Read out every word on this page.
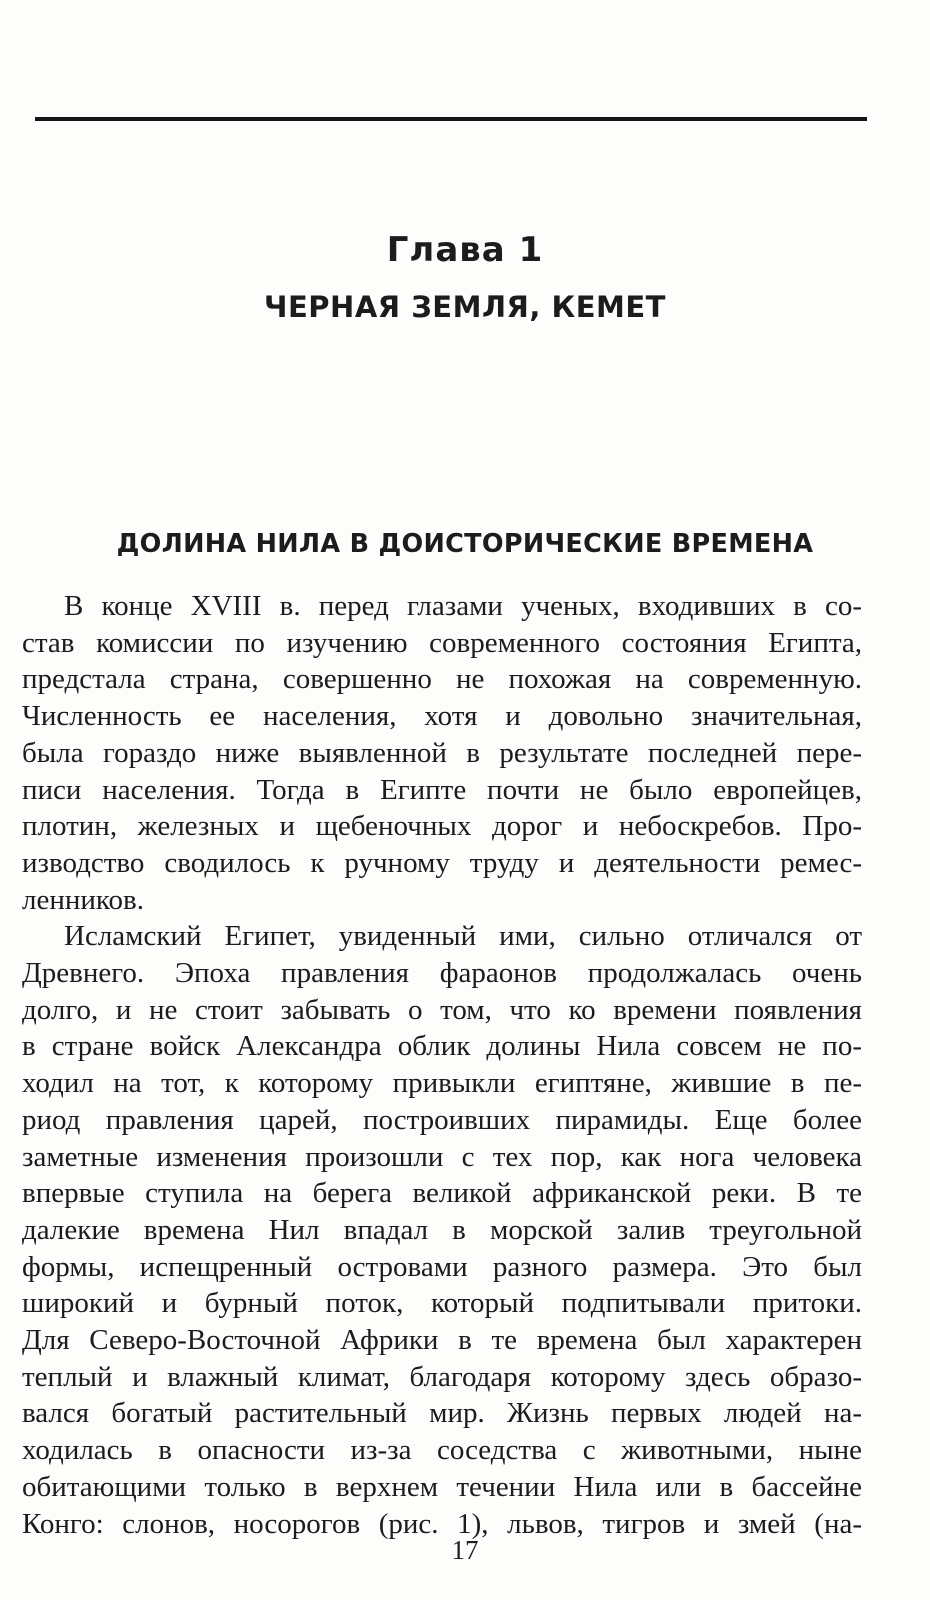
Глава 1
ЧЕРНАЯ ЗЕМЛЯ, КЕМЕТ
ДОЛИНА НИЛА В ДОИСТОРИЧЕСКИЕ ВРЕМЕНА

В конце XVIII в. перед глазами ученых, входивших в со-
став комиссии по изучению современного состояния Египта,
предстала страна, совершенно не похожая на современную.
Численность ее населения, хотя и довольно значительная,
была гораздо ниже выявленной в результате последней пере-
писи населения. Тогда в Египте почти не было европейцев,
плотин, железных и щебеночных дорог и небоскребов. Про-
изводство сводилось к ручному труду и деятельности ремес-
ленников.

Исламский Египет, увиденный ими, сильно отличался от
Древнего. Эпоха правления фараонов продолжалась очень
долго, и не стоит забывать о том, что ко времени появления
в стране войск Александра облик долины Нила совсем не по-
ходил на тот, к которому привыкли египтяне, жившие в пе-
риод правления царей, построивших пирамиды. Еще более
заметные изменения произошли с тех пор, как нога человека
впервые ступила на берега великой африканской реки. В те
далекие времена Нил впадал в морской залив треугольной
формы, испещренный островами разного размера. Это был
широкий и бурный поток, который подпитывали притоки.
Для Северо-Восточной Африки в те времена был характерен
теплый и влажный климат, благодаря которому здесь образо-
вался богатый растительный мир. Жизнь первых людей на-
ходилась в опасности из-за соседства с животными, ныне
обитающими только в верхнем течении Нила или в бассейне
Конго: слонов, носорогов (рис. 1), львов, тигров и змей (на-

17
